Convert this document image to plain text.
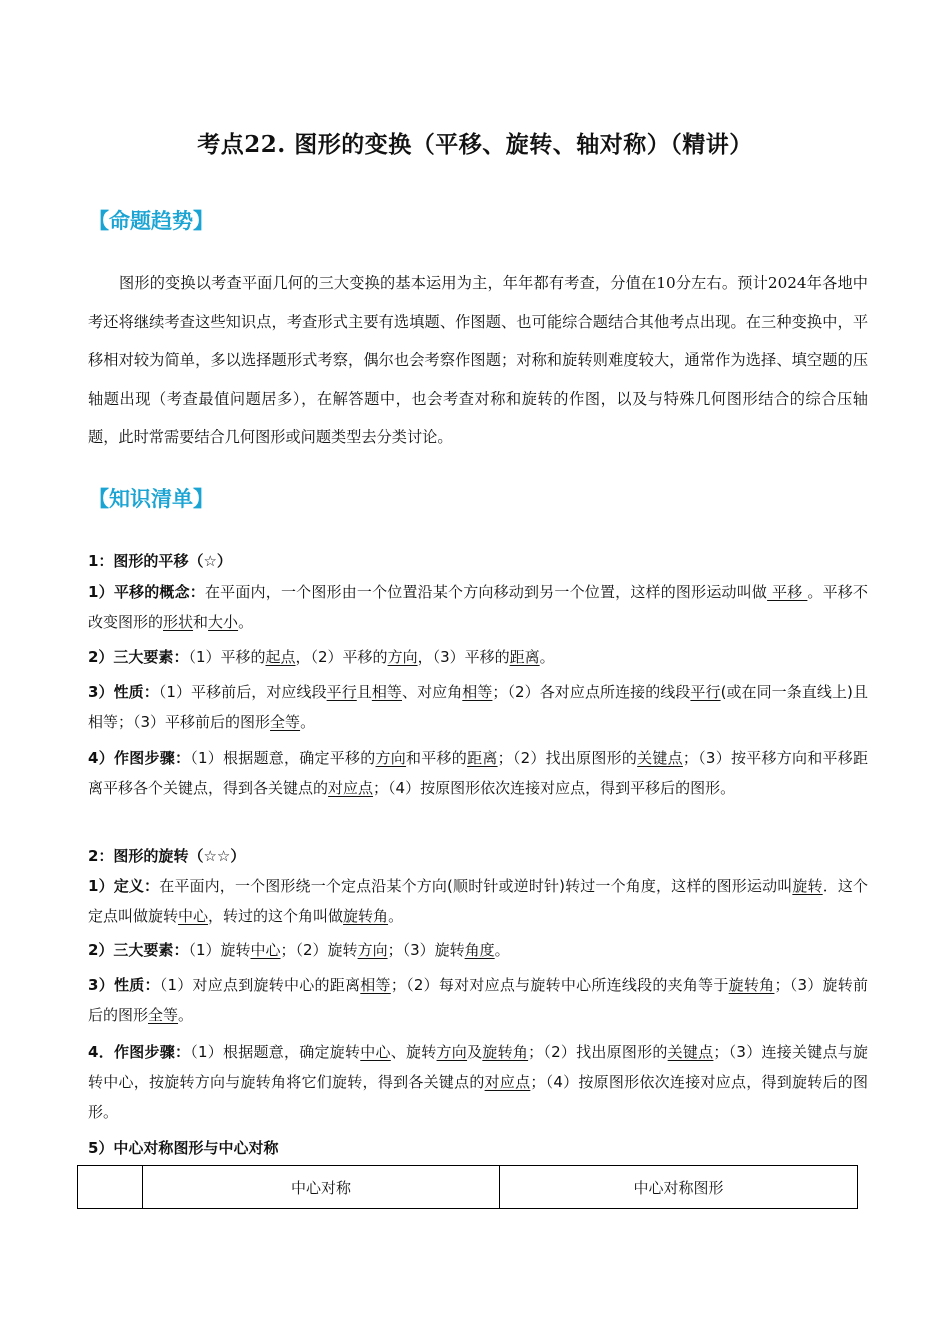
考点22. 图形的变换（平移、旋转、轴对称）（精讲）
【命题趋势】
图形的变换以考查平面几何的三大变换的基本运用为主，年年都有考查，分值在10分左右。预计2024年各地中考还将继续考查这些知识点，考查形式主要有选填题、作图题、也可能综合题结合其他考点出现。在三种变换中，平移相对较为简单，多以选择题形式考察，偶尔也会考察作图题；对称和旋转则难度较大，通常作为选择、填空题的压轴题出现（考查最值问题居多），在解答题中，也会考查对称和旋转的作图，以及与特殊几何图形结合的综合压轴题，此时常需要结合几何图形或问题类型去分类讨论。
【知识清单】
1：图形的平移（☆）
1）平移的概念：在平面内，一个图形由一个位置沿某个方向移动到另一个位置，这样的图形运动叫做 平移 。平移不改变图形的形状和大小。
2）三大要素：（1）平移的起点，（2）平移的方向，（3）平移的距离。
3）性质：（1）平移前后，对应线段平行且相等、对应角相等；（2）各对应点所连接的线段平行(或在同一条直线上)且相等；（3）平移前后的图形全等。
4）作图步骤：（1）根据题意，确定平移的方向和平移的距离；（2）找出原图形的关键点；（3）按平移方向和平移距离平移各个关键点，得到各关键点的对应点；（4）按原图形依次连接对应点，得到平移后的图形。
2：图形的旋转（☆☆）
1）定义：在平面内，一个图形绕一个定点沿某个方向(顺时针或逆时针)转过一个角度，这样的图形运动叫旋转．这个定点叫做旋转中心，转过的这个角叫做旋转角。
2）三大要素：（1）旋转中心；（2）旋转方向；（3）旋转角度。
3）性质：（1）对应点到旋转中心的距离相等；（2）每对对应点与旋转中心所连线段的夹角等于旋转角；（3）旋转前后的图形全等。
4．作图步骤：（1）根据题意，确定旋转中心、旋转方向及旋转角；（2）找出原图形的关键点；（3）连接关键点与旋转中心，按旋转方向与旋转角将它们旋转，得到各关键点的对应点；（4）按原图形依次连接对应点，得到旋转后的图形。
5）中心对称图形与中心对称
	中心对称	中心对称图形
